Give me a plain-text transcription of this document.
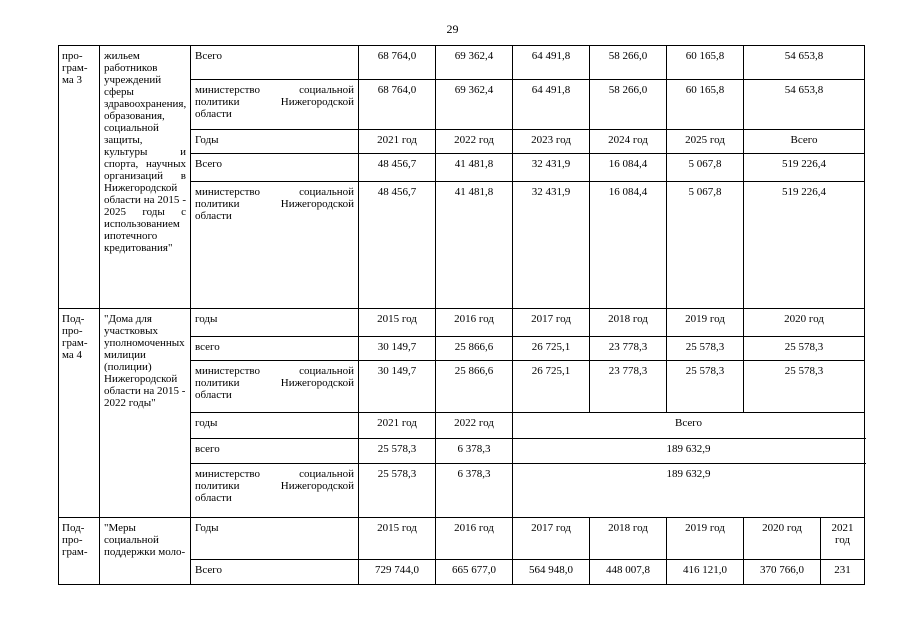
29
про-грам-ма 3	жильем работников учреждений сферы здравоохранения, образования, социальной защиты, культуры и спорта, научных организаций в Нижегородской области на 2015 - 2025 годы с использованием ипотечного кредитования"	Всего	68 764,0	69 362,4	64 491,8	58 266,0	60 165,8	54 653,8	
		министерство социальной политики Нижегородской области	68 764,0	69 362,4	64 491,8	58 266,0	60 165,8	54 653,8	
		Годы	2021 год	2022 год	2023 год	2024 год	2025 год	Всего	
		Всего	48 456,7	41 481,8	32 431,9	16 084,4	5 067,8	519 226,4	
		министерство социальной политики Нижегородской области	48 456,7	41 481,8	32 431,9	16 084,4	5 067,8	519 226,4	
Под-про-грам-ма 4	"Дома для участковых уполномоченных милиции (полиции) Нижегородской области на 2015 - 2022 годы"	годы	2015 год	2016 год	2017 год	2018 год	2019 год	2020 год	
		всего	30 149,7	25 866,6	26 725,1	23 778,3	25 578,3	25 578,3	
		министерство социальной политики Нижегородской области	30 149,7	25 866,6	26 725,1	23 778,3	25 578,3	25 578,3	
		годы	2021 год	2022 год	Всего				
		всего	25 578,3	6 378,3	189 632,9				
		министерство социальной политики Нижегородской области	25 578,3	6 378,3	189 632,9				
Под-про-грам-	"Меры социальной поддержки моло-	Годы	2015 год	2016 год	2017 год	2018 год	2019 год	2020 год	2021 год
		Всего	729 744,0	665 677,0	564 948,0	448 007,8	416 121,0	370 766,0	231
